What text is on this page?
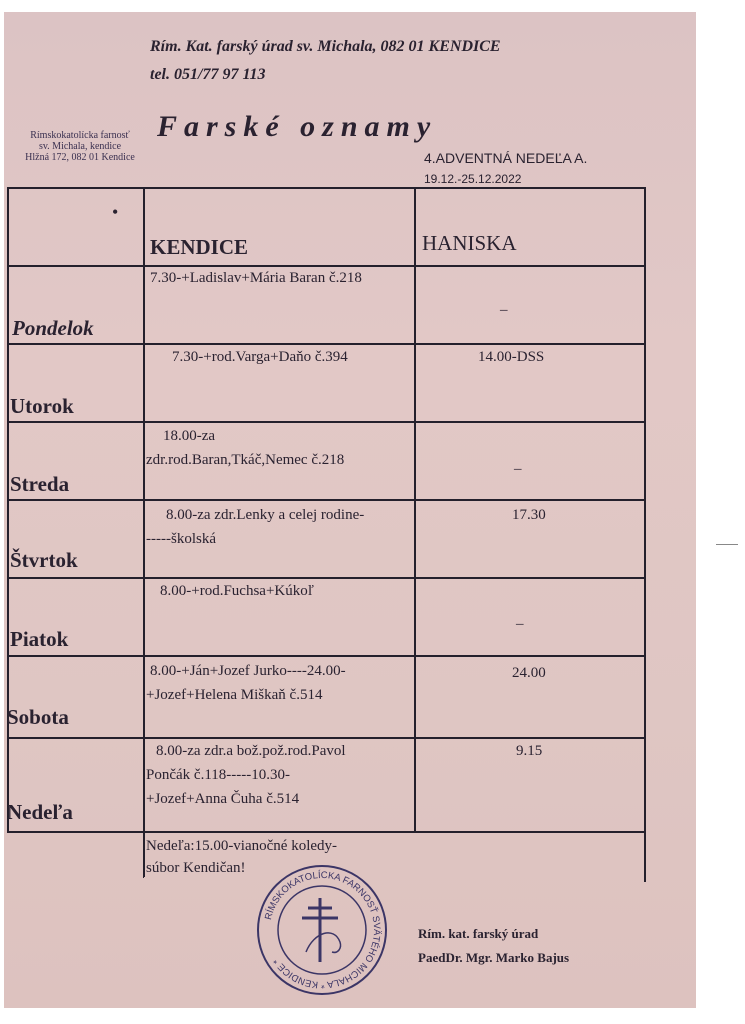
Rím. Kat. farský úrad sv. Michala, 082 01 KENDICE
tel. 051/77 97 113
Rímskokatolícka farnosť
sv. Michala, kendice
Hlžná 172, 082 01 Kendice
Farské oznamy
4.ADVENTNÁ NEDEĽA A.
19.12.-25.12.2022
•
KENDICE	HANISKA
Pondelok
7.30-+Ladislav+Mária Baran č.218
–
Utorok
7.30-+rod.Varga+Daňo č.394	14.00-DSS
Streda
18.00-za
zdr.rod.Baran,Tkáč,Nemec č.218
–
Štvrtok
8.00-za zdr.Lenky a celej rodine-
-----školská
17.30
Piatok
8.00-+rod.Fuchsa+Kúkoľ
–
Sobota
8.00-+Ján+Jozef Jurko----24.00-
+Jozef+Helena Miškaň č.514
24.00
Nedeľa
8.00-za zdr.a bož.pož.rod.Pavol
Pončák č.118-----10.30-
+Jozef+Anna Čuha č.514
9.15
Nedeľa:15.00-vianočné koledy-
súbor Kendičan!
RÍMSKOKATOLÍCKA FARNOSŤ SVÄTÉHO MICHALA * KENDICE *
Rím. kat. farský úrad
PaedDr. Mgr. Marko Bajus
